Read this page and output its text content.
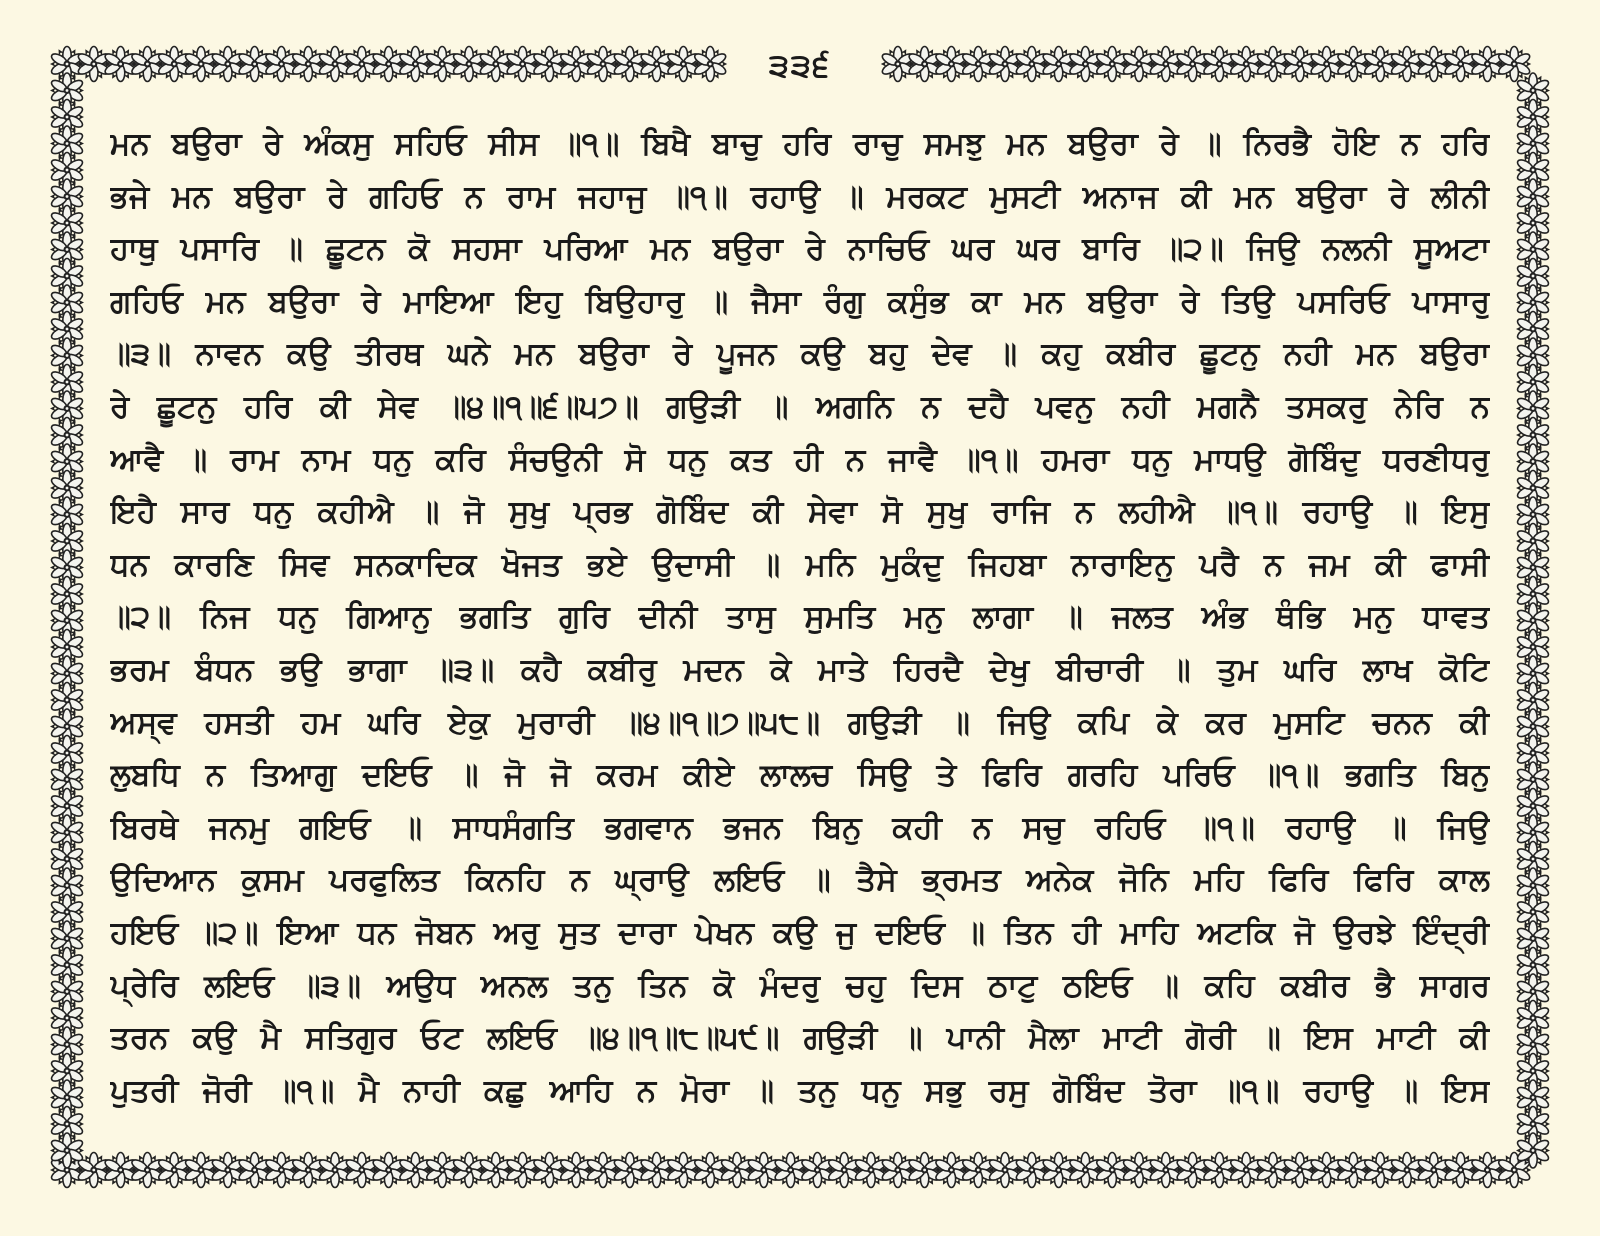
੩੩੬
ਮਨ ਬਉਰਾ ਰੇ ਅੰਕਸੁ ਸਹਿਓ ਸੀਸ ॥੧॥ ਬਿਖੈ ਬਾਚੁ ਹਰਿ ਰਾਚੁ ਸਮਝੁ ਮਨ ਬਉਰਾ ਰੇ ॥ ਨਿਰਭੈ ਹੋਇ ਨ ਹਰਿ
ਭਜੇ ਮਨ ਬਉਰਾ ਰੇ ਗਹਿਓ ਨ ਰਾਮ ਜਹਾਜੁ ॥੧॥ ਰਹਾਉ ॥ ਮਰਕਟ ਮੁਸਟੀ ਅਨਾਜ ਕੀ ਮਨ ਬਉਰਾ ਰੇ ਲੀਨੀ
ਹਾਥੁ ਪਸਾਰਿ ॥ ਛੂਟਨ ਕੋ ਸਹਸਾ ਪਰਿਆ ਮਨ ਬਉਰਾ ਰੇ ਨਾਚਿਓ ਘਰ ਘਰ ਬਾਰਿ ॥੨॥ ਜਿਉ ਨਲਨੀ ਸੂਅਟਾ
ਗਹਿਓ ਮਨ ਬਉਰਾ ਰੇ ਮਾਇਆ ਇਹੁ ਬਿਉਹਾਰੁ ॥ ਜੈਸਾ ਰੰਗੁ ਕਸੁੰਭ ਕਾ ਮਨ ਬਉਰਾ ਰੇ ਤਿਉ ਪਸਰਿਓ ਪਾਸਾਰੁ
॥੩॥ ਨਾਵਨ ਕਉ ਤੀਰਥ ਘਨੇ ਮਨ ਬਉਰਾ ਰੇ ਪੂਜਨ ਕਉ ਬਹੁ ਦੇਵ ॥ ਕਹੁ ਕਬੀਰ ਛੂਟਨੁ ਨਹੀ ਮਨ ਬਉਰਾ
ਰੇ ਛੂਟਨੁ ਹਰਿ ਕੀ ਸੇਵ ॥੪॥੧॥੬॥੫੭॥ ਗਉੜੀ ॥ ਅਗਨਿ ਨ ਦਹੈ ਪਵਨੁ ਨਹੀ ਮਗਨੈ ਤਸਕਰੁ ਨੇਰਿ ਨ
ਆਵੈ ॥ ਰਾਮ ਨਾਮ ਧਨੁ ਕਰਿ ਸੰਚਉਨੀ ਸੋ ਧਨੁ ਕਤ ਹੀ ਨ ਜਾਵੈ ॥੧॥ ਹਮਰਾ ਧਨੁ ਮਾਧਉ ਗੋਬਿੰਦੁ ਧਰਣੀਧਰੁ
ਇਹੈ ਸਾਰ ਧਨੁ ਕਹੀਐ ॥ ਜੋ ਸੁਖੁ ਪ੍ਰਭ ਗੋਬਿੰਦ ਕੀ ਸੇਵਾ ਸੋ ਸੁਖੁ ਰਾਜਿ ਨ ਲਹੀਐ ॥੧॥ ਰਹਾਉ ॥ ਇਸੁ
ਧਨ ਕਾਰਣਿ ਸਿਵ ਸਨਕਾਦਿਕ ਖੋਜਤ ਭਏ ਉਦਾਸੀ ॥ ਮਨਿ ਮੁਕੰਦੁ ਜਿਹਬਾ ਨਾਰਾਇਨੁ ਪਰੈ ਨ ਜਮ ਕੀ ਫਾਸੀ
॥੨॥ ਨਿਜ ਧਨੁ ਗਿਆਨੁ ਭਗਤਿ ਗੁਰਿ ਦੀਨੀ ਤਾਸੁ ਸੁਮਤਿ ਮਨੁ ਲਾਗਾ ॥ ਜਲਤ ਅੰਭ ਥੰਭਿ ਮਨੁ ਧਾਵਤ
ਭਰਮ ਬੰਧਨ ਭਉ ਭਾਗਾ ॥੩॥ ਕਹੈ ਕਬੀਰੁ ਮਦਨ ਕੇ ਮਾਤੇ ਹਿਰਦੈ ਦੇਖੁ ਬੀਚਾਰੀ ॥ ਤੁਮ ਘਰਿ ਲਾਖ ਕੋਟਿ
ਅਸ੍ਵ ਹਸਤੀ ਹਮ ਘਰਿ ਏਕੁ ਮੁਰਾਰੀ ॥੪॥੧॥੭॥੫੮॥ ਗਉੜੀ ॥ ਜਿਉ ਕਪਿ ਕੇ ਕਰ ਮੁਸਟਿ ਚਨਨ ਕੀ
ਲੁਬਧਿ ਨ ਤਿਆਗੁ ਦਇਓ ॥ ਜੋ ਜੋ ਕਰਮ ਕੀਏ ਲਾਲਚ ਸਿਉ ਤੇ ਫਿਰਿ ਗਰਹਿ ਪਰਿਓ ॥੧॥ ਭਗਤਿ ਬਿਨੁ
ਬਿਰਥੇ ਜਨਮੁ ਗਇਓ ॥ ਸਾਧਸੰਗਤਿ ਭਗਵਾਨ ਭਜਨ ਬਿਨੁ ਕਹੀ ਨ ਸਚੁ ਰਹਿਓ ॥੧॥ ਰਹਾਉ ॥ ਜਿਉ
ਉਦਿਆਨ ਕੁਸਮ ਪਰਫੁਲਿਤ ਕਿਨਹਿ ਨ ਘ੍ਰਾਉ ਲਇਓ ॥ ਤੈਸੇ ਭ੍ਰਮਤ ਅਨੇਕ ਜੋਨਿ ਮਹਿ ਫਿਰਿ ਫਿਰਿ ਕਾਲ
ਹਇਓ ॥੨॥ ਇਆ ਧਨ ਜੋਬਨ ਅਰੁ ਸੁਤ ਦਾਰਾ ਪੇਖਨ ਕਉ ਜੁ ਦਇਓ ॥ ਤਿਨ ਹੀ ਮਾਹਿ ਅਟਕਿ ਜੋ ਉਰਝੇ ਇੰਦ੍ਰੀ
ਪ੍ਰੇਰਿ ਲਇਓ ॥੩॥ ਅਉਧ ਅਨਲ ਤਨੁ ਤਿਨ ਕੋ ਮੰਦਰੁ ਚਹੁ ਦਿਸ ਠਾਟੁ ਠਇਓ ॥ ਕਹਿ ਕਬੀਰ ਭੈ ਸਾਗਰ
ਤਰਨ ਕਉ ਮੈ ਸਤਿਗੁਰ ਓਟ ਲਇਓ ॥੪॥੧॥੮॥੫੯॥ ਗਉੜੀ ॥ ਪਾਨੀ ਮੈਲਾ ਮਾਟੀ ਗੋਰੀ ॥ ਇਸ ਮਾਟੀ ਕੀ
ਪੁਤਰੀ ਜੋਰੀ ॥੧॥ ਮੈ ਨਾਹੀ ਕਛੁ ਆਹਿ ਨ ਮੋਰਾ ॥ ਤਨੁ ਧਨੁ ਸਭੁ ਰਸੁ ਗੋਬਿੰਦ ਤੋਰਾ ॥੧॥ ਰਹਾਉ ॥ ਇਸ
